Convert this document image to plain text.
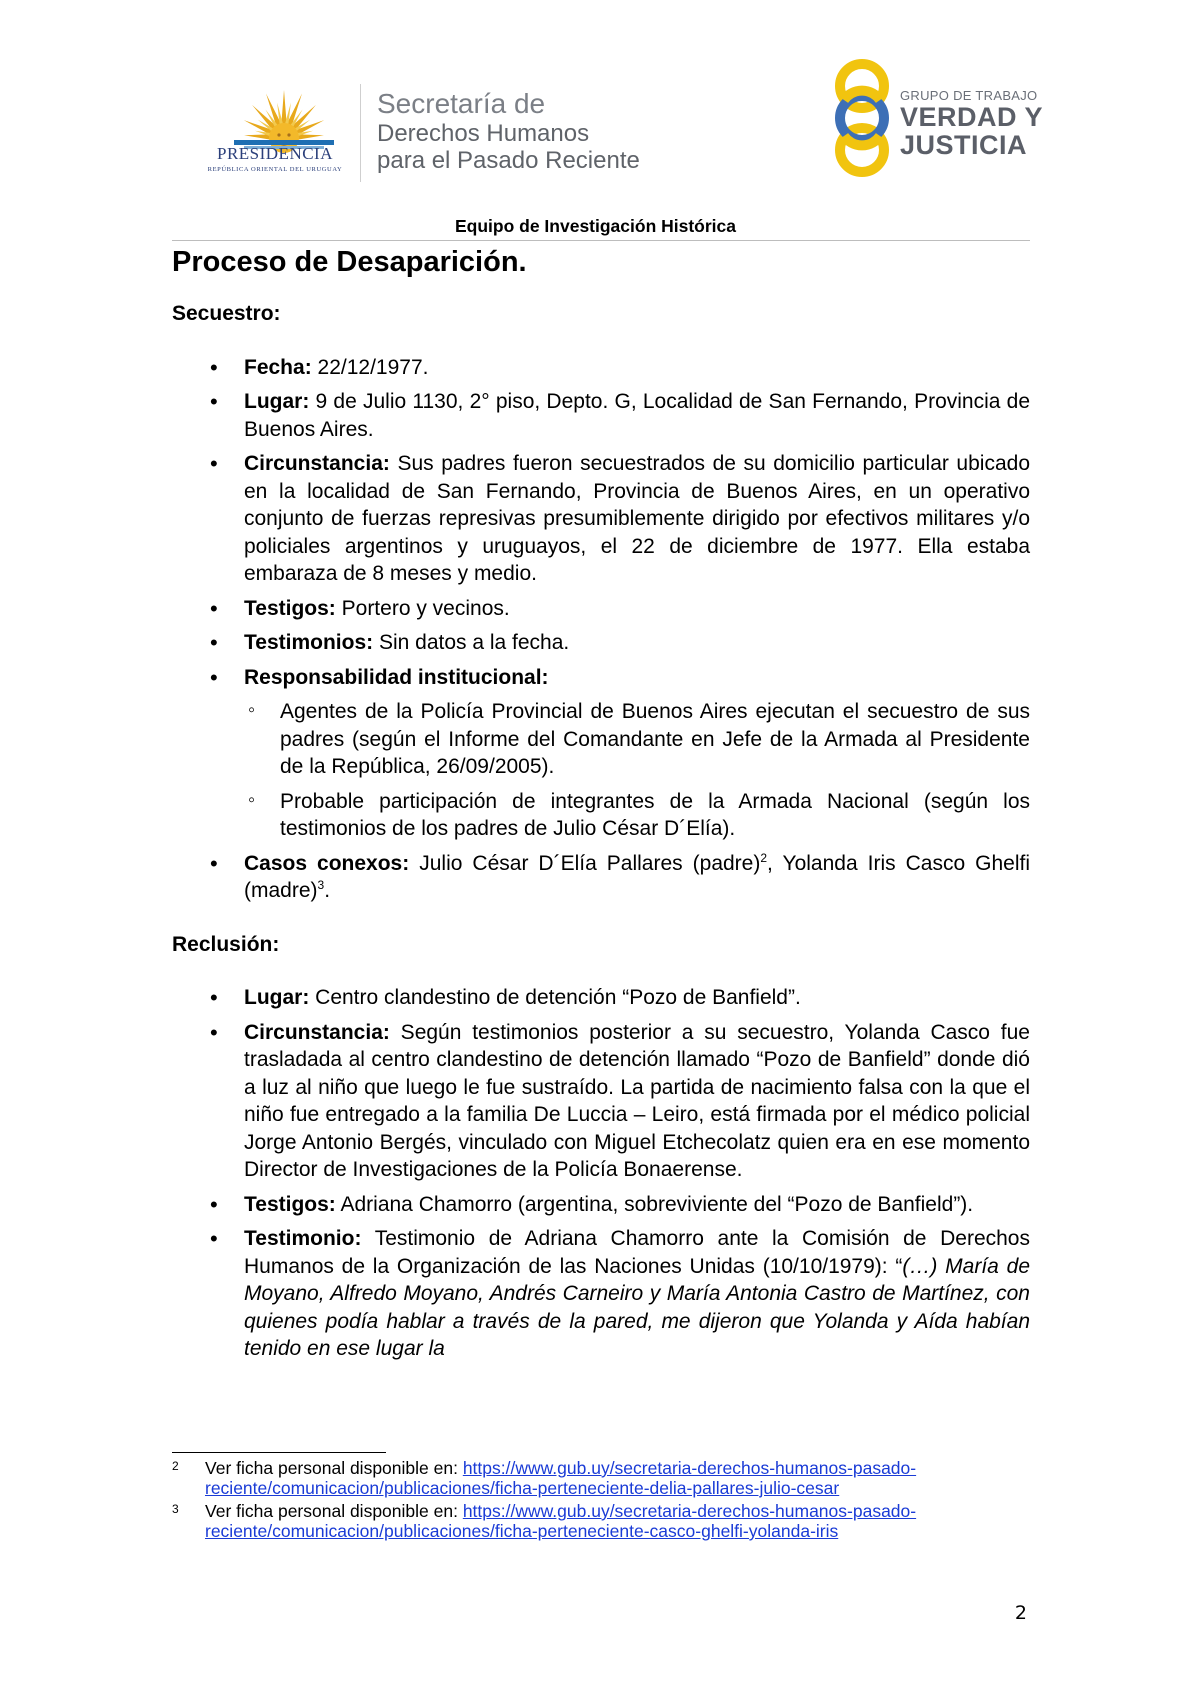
PRESIDENCIA
REPÚBLICA ORIENTAL DEL URUGUAY
Secretaría de
Derechos Humanos
para el Pasado Reciente
GRUPO DE TRABAJO
VERDAD Y
JUSTICIA
Equipo de Investigación Histórica
Proceso de Desaparición.

Secuestro:

• Fecha: 22/12/1977.
• Lugar: 9 de Julio 1130, 2° piso, Depto. G, Localidad de San Fernando, Provincia de Buenos Aires.
• Circunstancia: Sus padres fueron secuestrados de su domicilio particular ubicado en la localidad de San Fernando, Provincia de Buenos Aires, en un operativo conjunto de fuerzas represivas presumiblemente dirigido por efectivos militares y/o policiales argentinos y uruguayos, el 22 de diciembre de 1977. Ella estaba embaraza de 8 meses y medio.
• Testigos: Portero y vecinos.
• Testimonios: Sin datos a la fecha.
• Responsabilidad institucional:
◦ Agentes de la Policía Provincial de Buenos Aires ejecutan el secuestro de sus padres (según el Informe del Comandante en Jefe de la Armada al Presidente de la República, 26/09/2005).
◦ Probable participación de integrantes de la Armada Nacional (según los testimonios de los padres de Julio César D´Elía).
• Casos conexos: Julio César D´Elía Pallares (padre)$^2$, Yolanda Iris Casco Ghelfi (madre)$^3$.

Reclusión:

• Lugar: Centro clandestino de detención “Pozo de Banfield”.
• Circunstancia: Según testimonios posterior a su secuestro, Yolanda Casco fue trasladada al centro clandestino de detención llamado “Pozo de Banfield” donde dió a luz al niño que luego le fue sustraído. La partida de nacimiento falsa con la que el niño fue entregado a la familia De Luccia – Leiro, está firmada por el médico policial Jorge Antonio Bergés, vinculado con Miguel Etchecolatz quien era en ese momento Director de Investigaciones de la Policía Bonaerense.
• Testigos: Adriana Chamorro (argentina, sobreviviente del “Pozo de Banfield”).
• Testimonio: Testimonio de Adriana Chamorro ante la Comisión de Derechos Humanos de la Organización de las Naciones Unidas (10/10/1979): “(…) María de Moyano, Alfredo Moyano, Andrés Carneiro y María Antonia Castro de Martínez, con quienes podía hablar a través de la pared, me dijeron que Yolanda y Aída habían tenido en ese lugar la
2 Ver ficha personal disponible en: https://www.gub.uy/secretaria-derechos-humanos-pasado-reciente/comunicacion/publicaciones/ficha-perteneciente-delia-pallares-julio-cesar
3 Ver ficha personal disponible en: https://www.gub.uy/secretaria-derechos-humanos-pasado-reciente/comunicacion/publicaciones/ficha-perteneciente-casco-ghelfi-yolanda-iris
2
